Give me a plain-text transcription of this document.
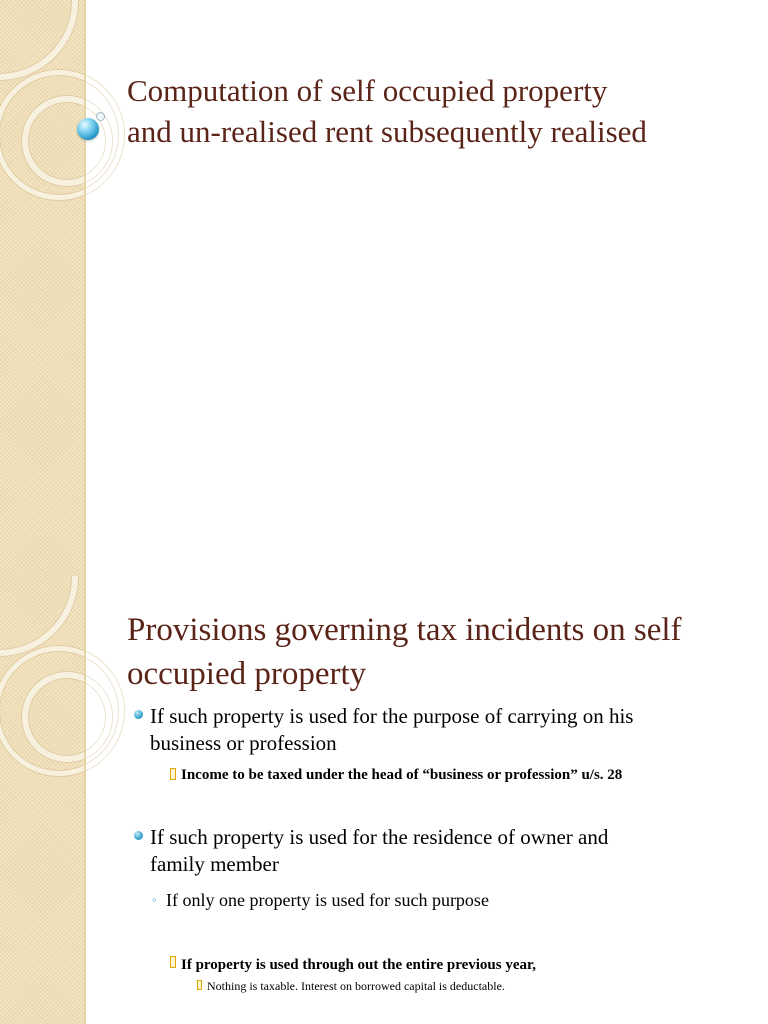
Computation of self occupied property
and un-realised rent subsequently realised
Provisions governing tax incidents on self
occupied property
If such property is used for the purpose of carrying on his
business or profession
Income to be taxed under the head of “business or profession” u/s. 28
If such property is used for the residence of owner and
family member
◦ If only one property is used for such purpose
If property is used through out the entire previous year,
Nothing is taxable. Interest on borrowed capital is deductable.
